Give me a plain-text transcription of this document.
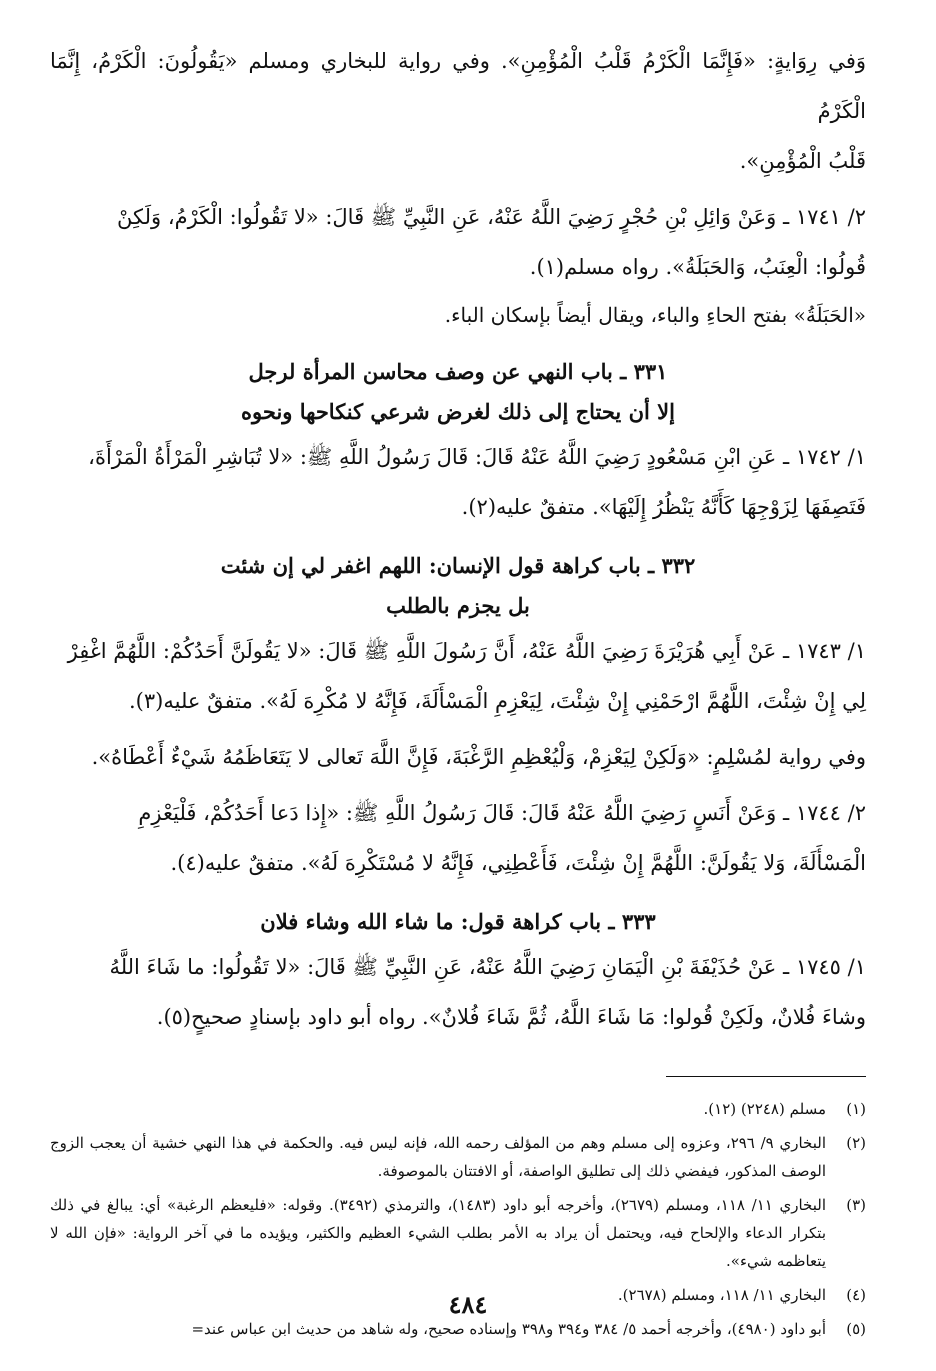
وَفي رِوَايةٍ: «فَإِنَّمَا الْكَرْمُ قَلْبُ الْمُؤْمِنِ». وفي رواية للبخاري ومسلم «يَقُولُونَ: الْكَرْمُ، إِنَّمَا الْكَرْمُ
قَلْبُ الْمُؤْمِنِ».

٢/ ١٧٤١ ـ وَعَنْ وَائِلِ بْنِ حُجْرٍ رَضِيَ اللَّهُ عَنْهُ، عَنِ النَّبِيِّ ﷺ قَالَ: «لا تَقُولُوا: الْكَرْمُ، وَلَكِنْ
قُولُوا: الْعِنَبُ، وَالحَبَلَةُ». رواه مسلم(١).

«الحَبَلَةُ» بفتح الحاءِ والباء، ويقال أيضاً بإسكان الباء.

٣٣١ ـ باب النهي عن وصف محاسن المرأة لرجل
إلا أن يحتاج إلى ذلك لغرض شرعي كنكاحها ونحوه

١/ ١٧٤٢ ـ عَنِ ابْنِ مَسْعُودٍ رَضِيَ اللَّهُ عَنْهُ قَالَ: قَالَ رَسُولُ اللَّهِ ﷺ: «لا تُبَاشِرِ الْمَرْأَةُ الْمَرْأَةَ،
فَتَصِفَهَا لِزَوْجِهَا كَأَنَّهُ يَنْظُرُ إِلَيْهَا». متفقٌ عليه(٢).

٣٣٢ ـ باب كراهة قول الإنسان: اللهم اغفر لي إن شئت
بل يجزم بالطلب

١/ ١٧٤٣ ـ عَنْ أَبِي هُرَيْرَةَ رَضِيَ اللَّهُ عَنْهُ، أَنَّ رَسُولَ اللَّهِ ﷺ قَالَ: «لا يَقُولَنَّ أَحَدُكُمْ: اللَّهُمَّ اغْفِرْ
لِي إِنْ شِئْتَ، اللَّهُمَّ ارْحَمْنِي إِنْ شِئْتَ، لِيَعْزِمِ الْمَسْأَلَةَ، فَإِنَّهُ لا مُكْرِهَ لَهُ». متفقٌ عليه(٣).

وفي رواية لمُسْلِمٍ: «وَلَكِنْ لِيَعْزِمْ، وَلْيُعْظِمِ الرَّغْبَةَ، فَإِنَّ اللَّهَ تَعالى لا يَتَعَاظَمُهُ شَيْءٌ أَعْطَاهُ».

٢/ ١٧٤٤ ـ وَعَنْ أَنَسٍ رَضِيَ اللَّهُ عَنْهُ قَالَ: قَالَ رَسُولُ اللَّهِ ﷺ: «إِذا دَعا أَحَدُكُمْ، فَلْيَعْزِمِ
الْمَسْأَلَةَ، وَلا يَقُولَنَّ: اللَّهُمَّ إِنْ شِئْتَ، فَأَعْطِنِي، فَإِنَّهُ لا مُسْتَكْرِهَ لَهُ». متفقٌ عليه(٤).

٣٣٣ ـ باب كراهة قول: ما شاء الله وشاء فلان

١/ ١٧٤٥ ـ عَنْ حُذَيْفَةَ بْنِ الْيَمَانِ رَضِيَ اللَّهُ عَنْهُ، عَنِ النَّبِيِّ ﷺ قَالَ: «لا تَقُولُوا: ما شَاءَ اللَّهُ
وشاءَ فُلانٌ، ولَكِنْ قُولوا: مَا شَاءَ اللَّهُ، ثُمَّ شَاءَ فُلانٌ». رواه أبو داود بإسنادٍ صحيحٍ(٥).

(١)
مسلم (٢٢٤٨) (١٢).
(٢)
البخاري ٩/ ٢٩٦، وعزوه إلى مسلم وهم من المؤلف رحمه الله، فإنه ليس فيه. والحكمة في هذا النهي خشية أن يعجب الزوج الوصف المذكور، فيفضي ذلك إلى تطليق الواصفة، أو الافتتان بالموصوفة.
(٣)
البخاري ١١/ ١١٨، ومسلم (٢٦٧٩)، وأخرجه أبو داود (١٤٨٣)، والترمذي (٣٤٩٢). وقوله: «فليعظم الرغبة» أي: يبالغ في ذلك بتكرار الدعاء والإلحاح فيه، ويحتمل أن يراد به الأمر بطلب الشيء العظيم والكثير، ويؤيده ما في آخر الرواية: «فإن الله لا يتعاظمه شيء».
(٤)
البخاري ١١/ ١١٨، ومسلم (٢٦٧٨).
(٥)
أبو داود (٤٩٨٠)، وأخرجه أحمد ٥/ ٣٨٤ و٣٩٤ و٣٩٨ وإسناده صحيح، وله شاهد من حديث ابن عباس عند=
٤٨٤
